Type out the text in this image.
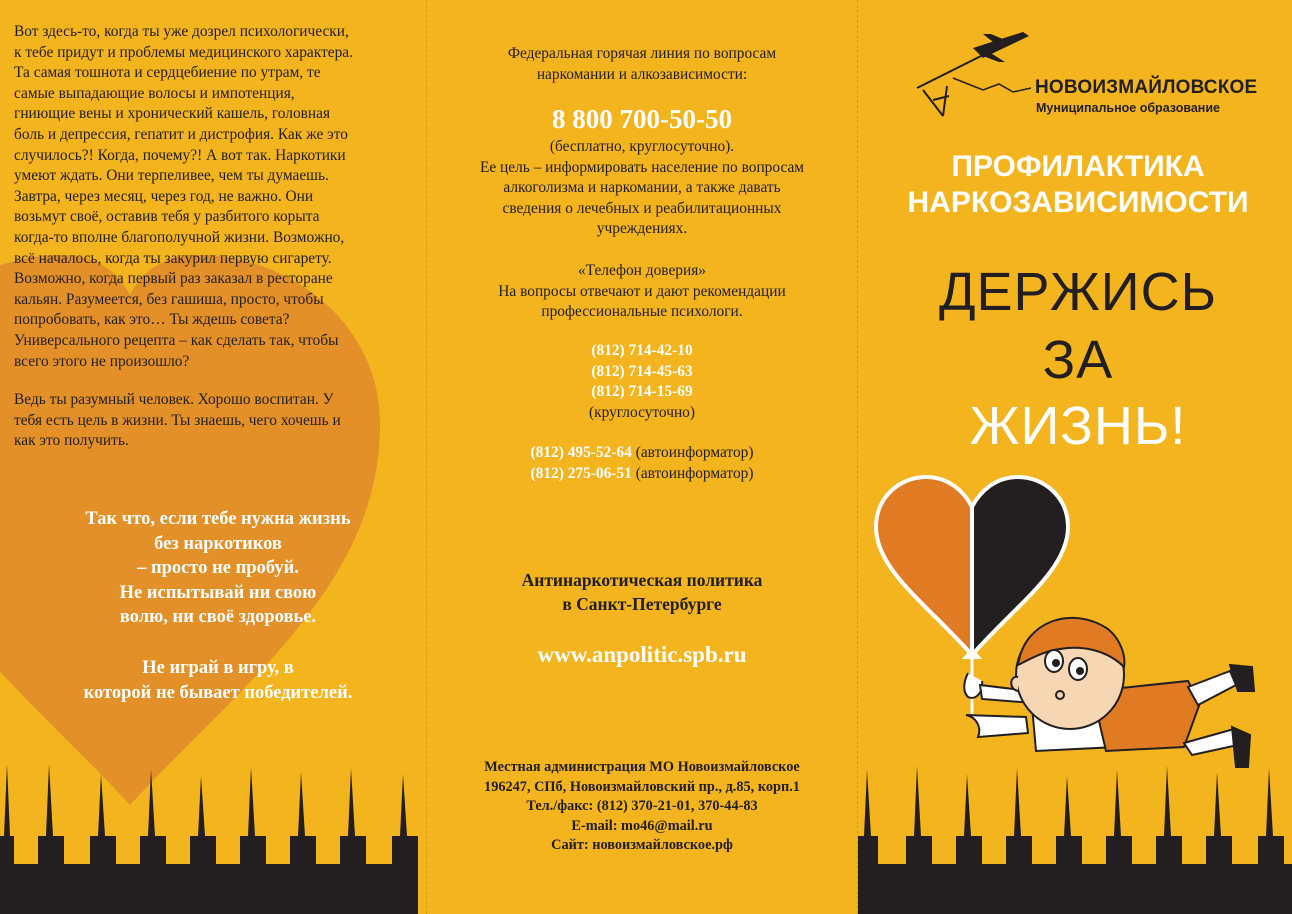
Вот здесь-то, когда ты уже дозрел психологически,
к тебе придут и проблемы медицинского характера.
Та самая тошнота и сердцебиение по утрам, те
самые выпадающие волосы и импотенция,
гниющие вены и хронический кашель, головная
боль и депрессия, гепатит и дистрофия. Как же это
случилось?! Когда, почему?! А вот так. Наркотики
умеют ждать. Они терпеливее, чем ты думаешь.
Завтра, через месяц, через год, не важно. Они
возьмут своё, оставив тебя у разбитого корыта
когда-то вполне благополучной жизни. Возможно,
всё началось, когда ты закурил первую сигарету.
Возможно, когда первый раз заказал в ресторане
кальян. Разумеется, без гашиша, просто, чтобы
попробовать, как это… Ты ждешь совета?
Универсального рецепта – как сделать так, чтобы
всего этого не произошло?

Ведь ты разумный человек. Хорошо воспитан. У
тебя есть цель в жизни. Ты знаешь, чего хочешь и
как это получить.
Так что, если тебе нужна жизнь
без наркотиков
– просто не пробуй.
Не испытывай ни свою
волю, ни своё здоровье.
Не играй в игру, в
которой не бывает победителей.
Федеральная горячая линия по вопросам
наркомании и алкозависимости:
8 800 700-50-50
(бесплатно, круглосуточно).
Ее цель – информировать население по вопросам
алкоголизма и наркомании, а также давать
сведения о лечебных и реабилитационных
учреждениях.
«Телефон доверия»
На вопросы отвечают и дают рекомендации
профессиональные психологи.
(812) 714-42-10
(812) 714-45-63
(812) 714-15-69
(круглосуточно)
(812) 495-52-64 (автоинформатор)
(812) 275-06-51 (автоинформатор)
Антинаркотическая политика
в Санкт-Петербурге
www.anpolitic.spb.ru
Местная администрация МО Новоизмайловское
196247, СПб, Новоизмайловский пр., д.85, корп.1
Тел./факс: (812) 370-21-01, 370-44-83
E-mail: mo46@mail.ru
Сайт: новоизмайловское.рф
НОВОИЗМАЙЛОВСКОЕ
Муниципальное образование
ПРОФИЛАКТИКА
НАРКОЗАВИСИМОСТИ
ДЕРЖИСЬ
ЗА
ЖИЗНЬ!
